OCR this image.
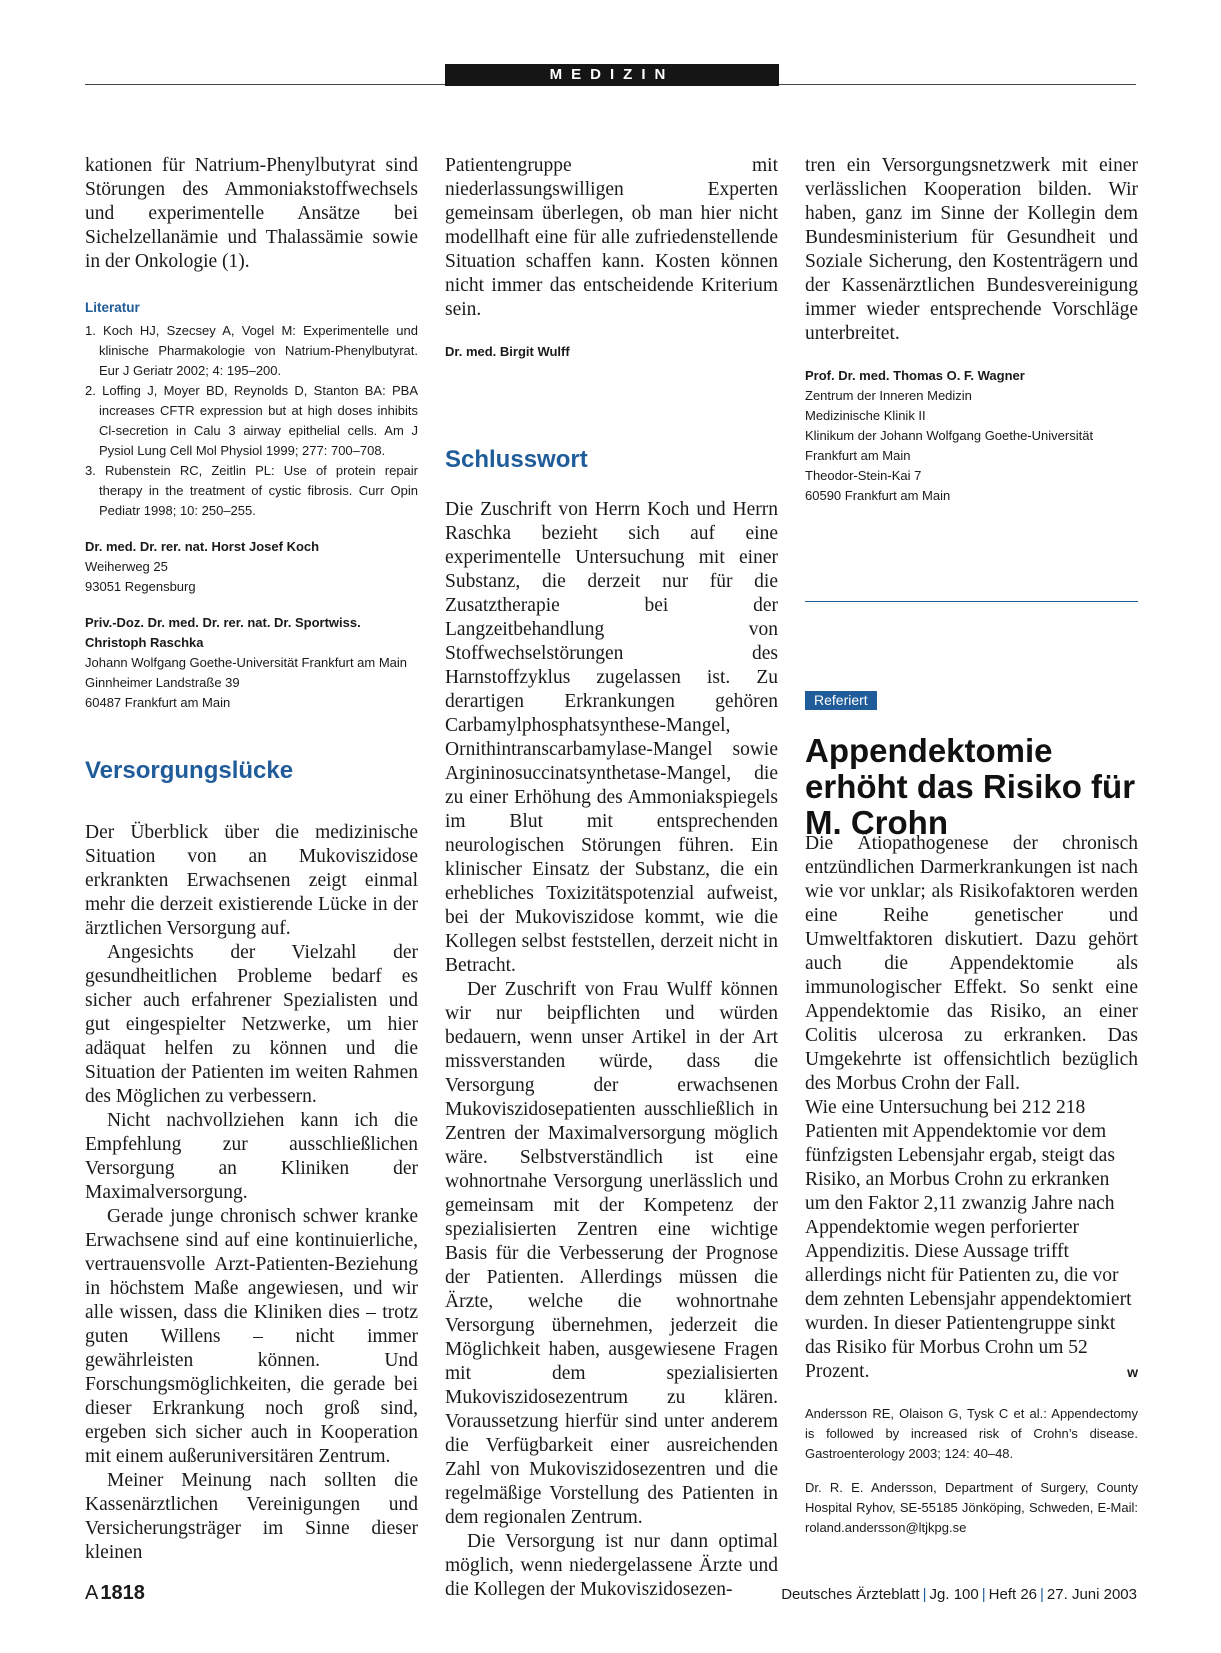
MEDIZIN

kationen für Natrium-Phenylbutyrat sind Störungen des Ammoniakstoffwechsels und experimentelle Ansätze bei Sichelzellanämie und Thalassämie sowie in der Onkologie (1).

Literatur

1. Koch HJ, Szecsey A, Vogel M: Experimentelle und klinische Pharmakologie von Natrium-Phenylbutyrat. Eur J Geriatr 2002; 4: 195–200.
2. Loffing J, Moyer BD, Reynolds D, Stanton BA: PBA increases CFTR expression but at high doses inhibits Cl-secretion in Calu 3 airway epithelial cells. Am J Pysiol Lung Cell Mol Physiol 1999; 277: 700–708.
3. Rubenstein RC, Zeitlin PL: Use of protein repair therapy in the treatment of cystic fibrosis. Curr Opin Pediatr 1998; 10: 250–255.

Dr. med. Dr. rer. nat. Horst Josef Koch

Weiherweg 25

93051 Regensburg

Priv.-Doz. Dr. med. Dr. rer. nat. Dr. Sportwiss.

Christoph Raschka

Johann Wolfgang Goethe-Universität Frankfurt am Main

Ginnheimer Landstraße 39

60487 Frankfurt am Main

Versorgungslücke

Der Überblick über die medizinische Situation von an Mukoviszidose erkrankten Erwachsenen zeigt einmal mehr die derzeit existierende Lücke in der ärztlichen Versorgung auf.

Angesichts der Vielzahl der gesundheitlichen Probleme bedarf es sicher auch erfahrener Spezialisten und gut eingespielter Netzwerke, um hier adäquat helfen zu können und die Situation der Patienten im weiten Rahmen des Möglichen zu verbessern.

Nicht nachvollziehen kann ich die Empfehlung zur ausschließlichen Versorgung an Kliniken der Maximalversorgung.

Gerade junge chronisch schwer kranke Erwachsene sind auf eine kontinuierliche, vertrauensvolle Arzt-Patienten-Beziehung in höchstem Maße angewiesen, und wir alle wissen, dass die Kliniken dies – trotz guten Willens – nicht immer gewährleisten können. Und Forschungsmöglichkeiten, die gerade bei dieser Erkrankung noch groß sind, ergeben sich sicher auch in Kooperation mit einem außeruniversitären Zentrum.

Meiner Meinung nach sollten die Kassenärztlichen Vereinigungen und Versicherungsträger im Sinne dieser kleinen

Patientengruppe mit niederlassungswilligen Experten gemeinsam überlegen, ob man hier nicht modellhaft eine für alle zufriedenstellende Situation schaffen kann. Kosten können nicht immer das entscheidende Kriterium sein.

Dr. med. Birgit Wulff

Schlusswort

Die Zuschrift von Herrn Koch und Herrn Raschka bezieht sich auf eine experimentelle Untersuchung mit einer Substanz, die derzeit nur für die Zusatztherapie bei der Langzeitbehandlung von Stoffwechselstörungen des Harnstoffzyklus zugelassen ist. Zu derartigen Erkrankungen gehören Carbamylphosphatsynthese-Mangel, Ornithintranscarbamylase-Mangel sowie Argininosuccinatsynthetase-Mangel, die zu einer Erhöhung des Ammoniakspiegels im Blut mit entsprechenden neurologischen Störungen führen. Ein klinischer Einsatz der Substanz, die ein erhebliches Toxizitätspotenzial aufweist, bei der Mukoviszidose kommt, wie die Kollegen selbst feststellen, derzeit nicht in Betracht.

Der Zuschrift von Frau Wulff können wir nur beipflichten und würden bedauern, wenn unser Artikel in der Art missverstanden würde, dass die Versorgung der erwachsenen Mukoviszidosepatienten ausschließlich in Zentren der Maximalversorgung möglich wäre. Selbstverständlich ist eine wohnortnahe Versorgung unerlässlich und gemeinsam mit der Kompetenz der spezialisierten Zentren eine wichtige Basis für die Verbesserung der Prognose der Patienten. Allerdings müssen die Ärzte, welche die wohnortnahe Versorgung übernehmen, jederzeit die Möglichkeit haben, ausgewiesene Fragen mit dem spezialisierten Mukoviszidosezentrum zu klären. Voraussetzung hierfür sind unter anderem die Verfügbarkeit einer ausreichenden Zahl von Mukoviszidosezentren und die regelmäßige Vorstellung des Patienten in dem regionalen Zentrum.

Die Versorgung ist nur dann optimal möglich, wenn niedergelassene Ärzte und die Kollegen der Mukoviszidosezen-

tren ein Versorgungsnetzwerk mit einer verlässlichen Kooperation bilden. Wir haben, ganz im Sinne der Kollegin dem Bundesministerium für Gesundheit und Soziale Sicherung, den Kostenträgern und der Kassenärztlichen Bundesvereinigung immer wieder entsprechende Vorschläge unterbreitet.

Prof. Dr. med. Thomas O. F. Wagner

Zentrum der Inneren Medizin

Medizinische Klinik II

Klinikum der Johann Wolfgang Goethe-Universität

Frankfurt am Main

Theodor-Stein-Kai 7

60590 Frankfurt am Main

Referiert
Appendektomie erhöht das Risiko für M. Crohn

Die Ätiopathogenese der chronisch entzündlichen Darmerkrankungen ist nach wie vor unklar; als Risikofaktoren werden eine Reihe genetischer und Umweltfaktoren diskutiert. Dazu gehört auch die Appendektomie als immunologischer Effekt. So senkt eine Appendektomie das Risiko, an einer Colitis ulcerosa zu erkranken. Das Umgekehrte ist offensichtlich bezüglich des Morbus Crohn der Fall.

Wie eine Untersuchung bei 212 218 Patienten mit Appendektomie vor dem fünfzigsten Lebensjahr ergab, steigt das Risiko, an Morbus Crohn zu erkranken um den Faktor 2,11 zwanzig Jahre nach Appendektomie wegen perforierter Appendizitis. Diese Aussage trifft allerdings nicht für Patienten zu, die vor dem zehnten Lebensjahr appendektomiert wurden. In dieser Patientengruppe sinkt das Risiko für Morbus Crohn um 52 Prozent.	w

Andersson RE, Olaison G, Tysk C et al.: Appendectomy is followed by increased risk of Crohn’s disease. Gastroenterology 2003; 124: 40–48.

Dr. R. E. Andersson, Department of Surgery, County Hospital Ryhov, SE-55185 Jönköping, Schweden, E-Mail: roland.andersson@ltjkpg.se

A 1818	Deutsches Ärzteblatt | Jg. 100 | Heft 26 | 27. Juni 2003
